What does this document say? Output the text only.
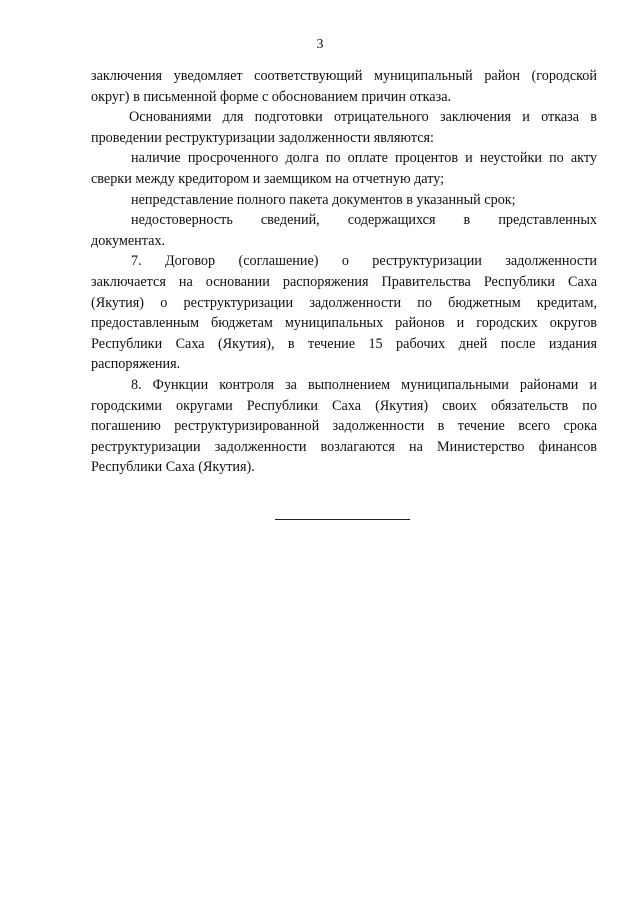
3
заключения уведомляет соответствующий муниципальный район (городской
округ) в письменной форме с обоснованием причин отказа.
Основаниями для подготовки отрицательного заключения и отказа в
проведении реструктуризации задолженности являются:
наличие просроченного долга по оплате процентов и неустойки по акту
сверки между кредитором и заемщиком на отчетную дату;
непредставление полного пакета документов в указанный срок;
недостоверность сведений, содержащихся в представленных
документах.
7. Договор (соглашение) о реструктуризации задолженности
заключается на основании распоряжения Правительства Республики Саха
(Якутия) о реструктуризации задолженности по бюджетным кредитам,
предоставленным бюджетам муниципальных районов и городских округов
Республики Саха (Якутия), в течение 15 рабочих дней после издания
распоряжения.
8. Функции контроля за выполнением муниципальными районами и
городскими округами Республики Саха (Якутия) своих обязательств по
погашению реструктуризированной задолженности в течение всего срока
реструктуризации задолженности возлагаются на Министерство финансов
Республики Саха (Якутия).
